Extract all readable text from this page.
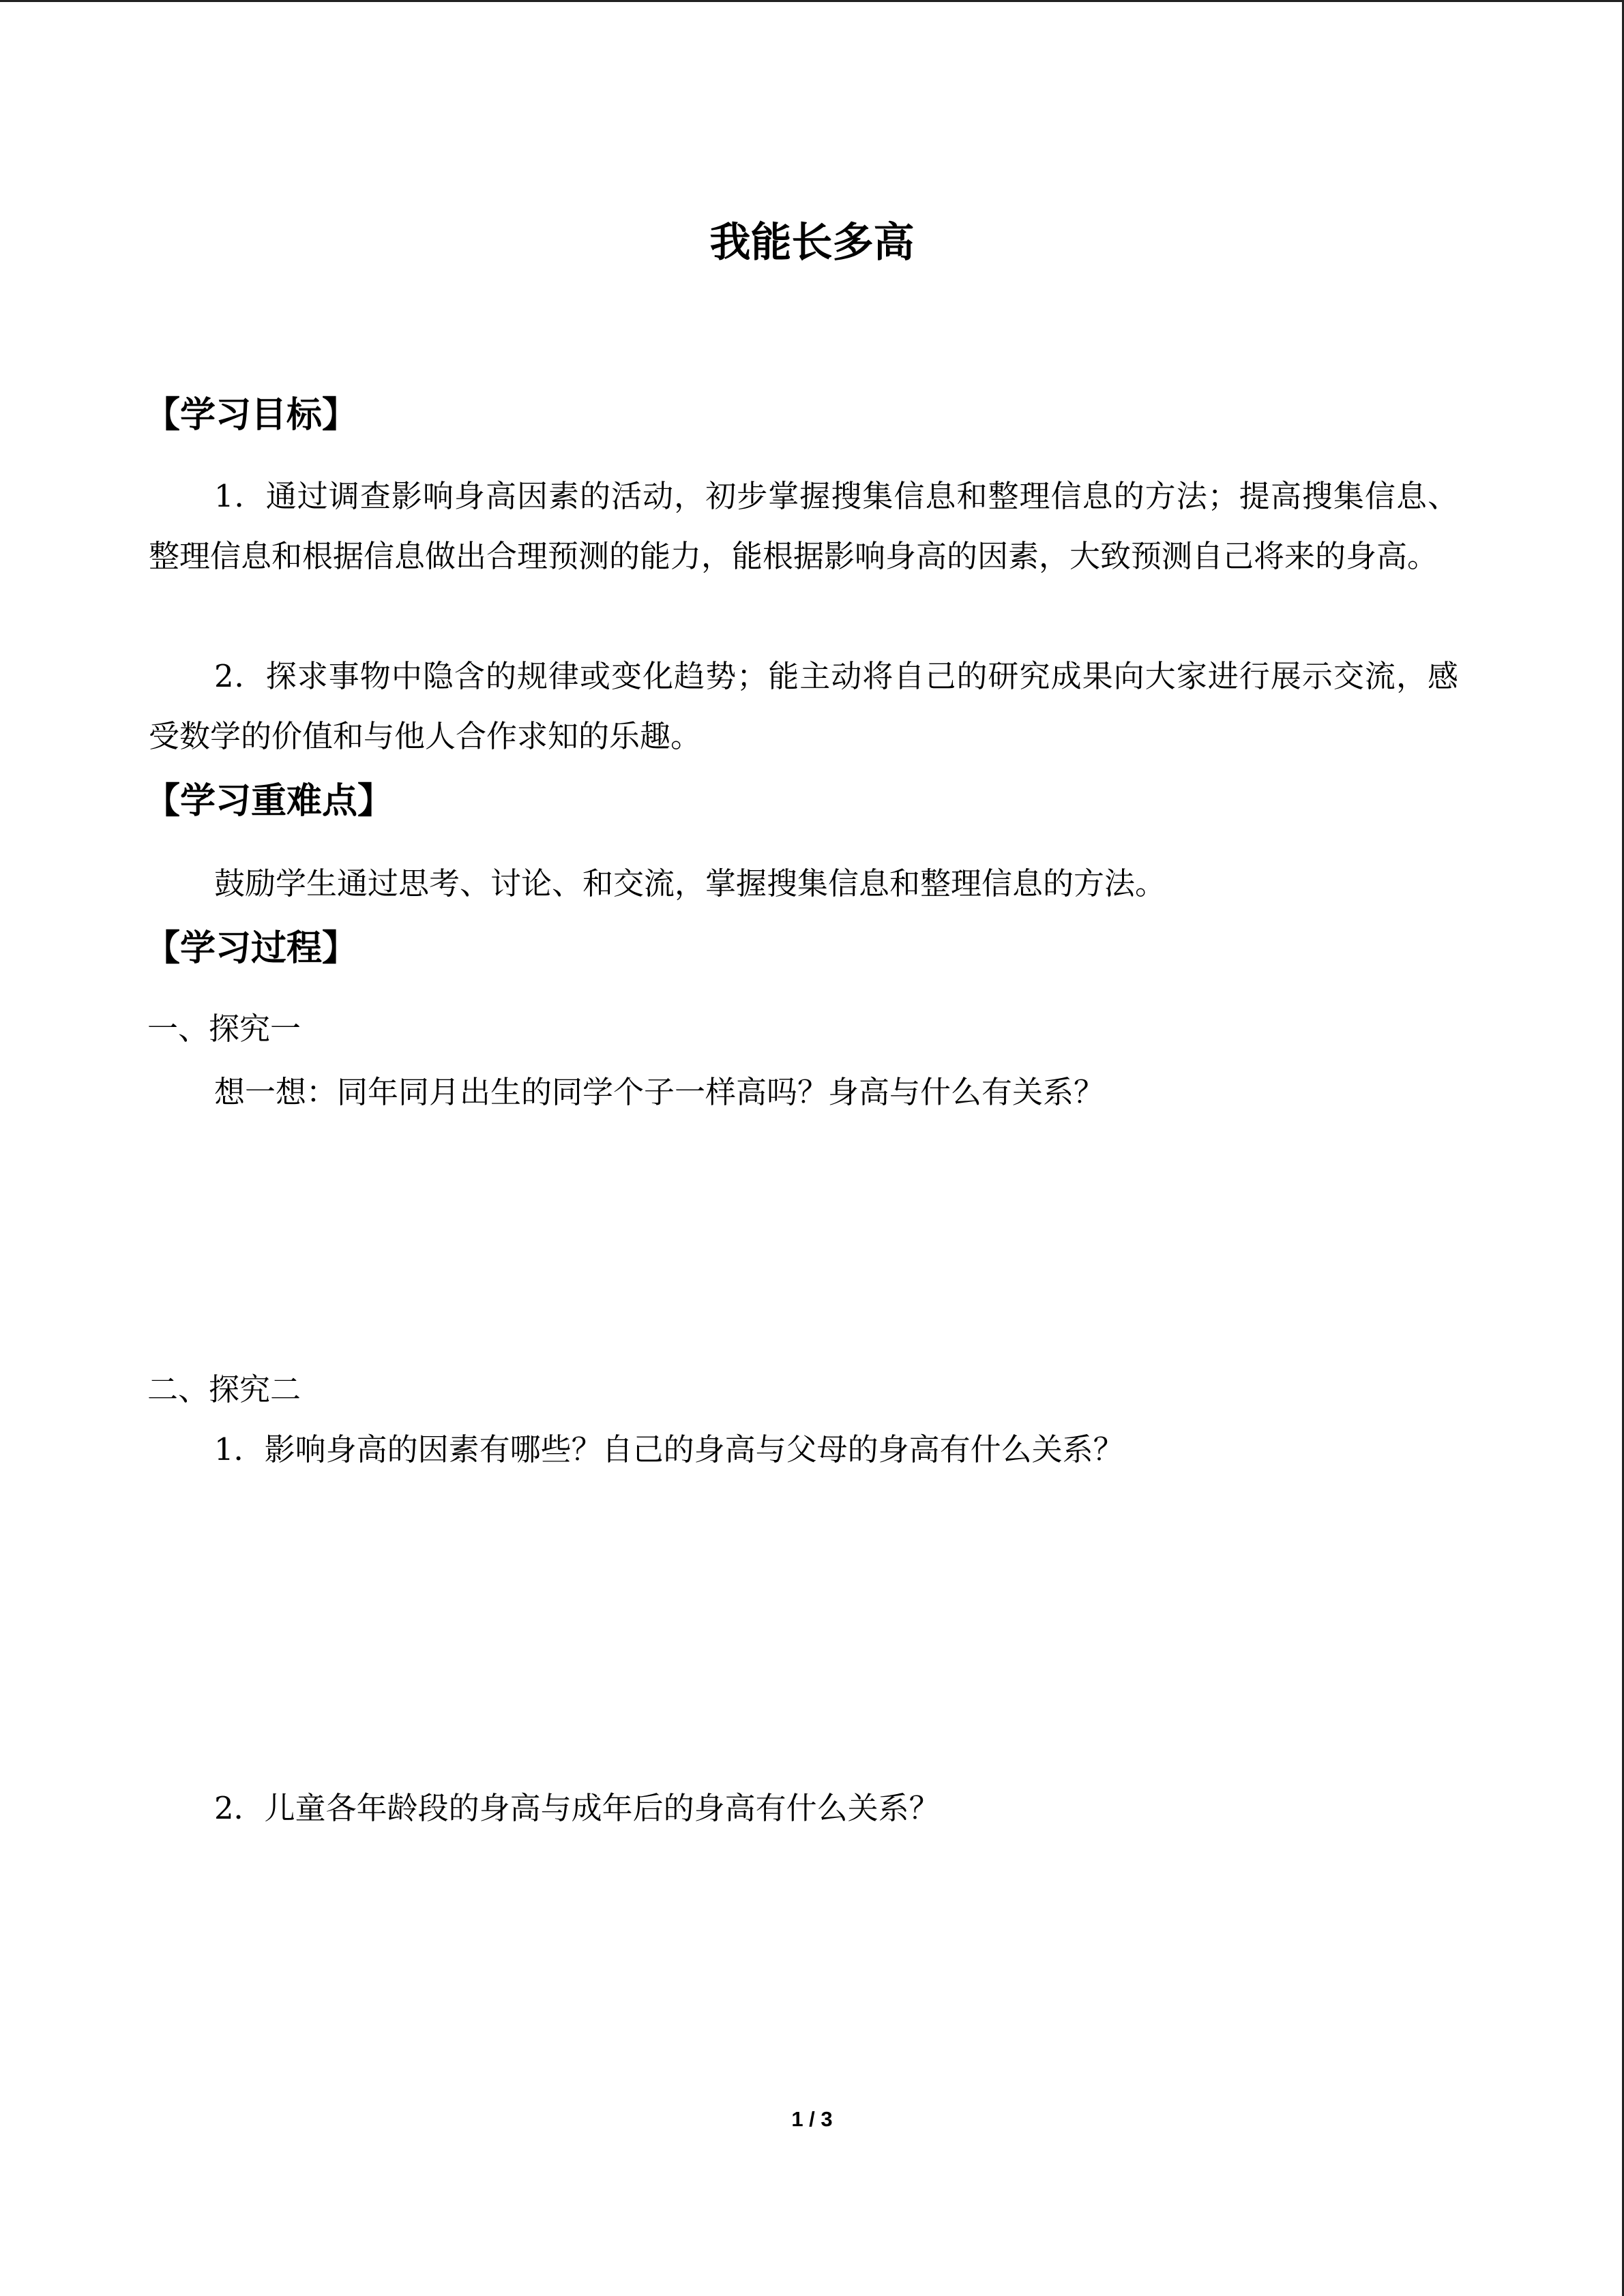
我能长多高
【学习目标】
1．通过调查影响身高因素的活动，初步掌握搜集信息和整理信息的方法；提高搜集信息、整理信息和根据信息做出合理预测的能力，能根据影响身高的因素，大致预测自己将来的身高。
2．探求事物中隐含的规律或变化趋势；能主动将自己的研究成果向大家进行展示交流，感受数学的价值和与他人合作求知的乐趣。
【学习重难点】
鼓励学生通过思考、讨论、和交流，掌握搜集信息和整理信息的方法。
【学习过程】
一、探究一
想一想：同年同月出生的同学个子一样高吗？身高与什么有关系？
二、探究二
1．影响身高的因素有哪些？自己的身高与父母的身高有什么关系？
2．儿童各年龄段的身高与成年后的身高有什么关系？
1 / 3
